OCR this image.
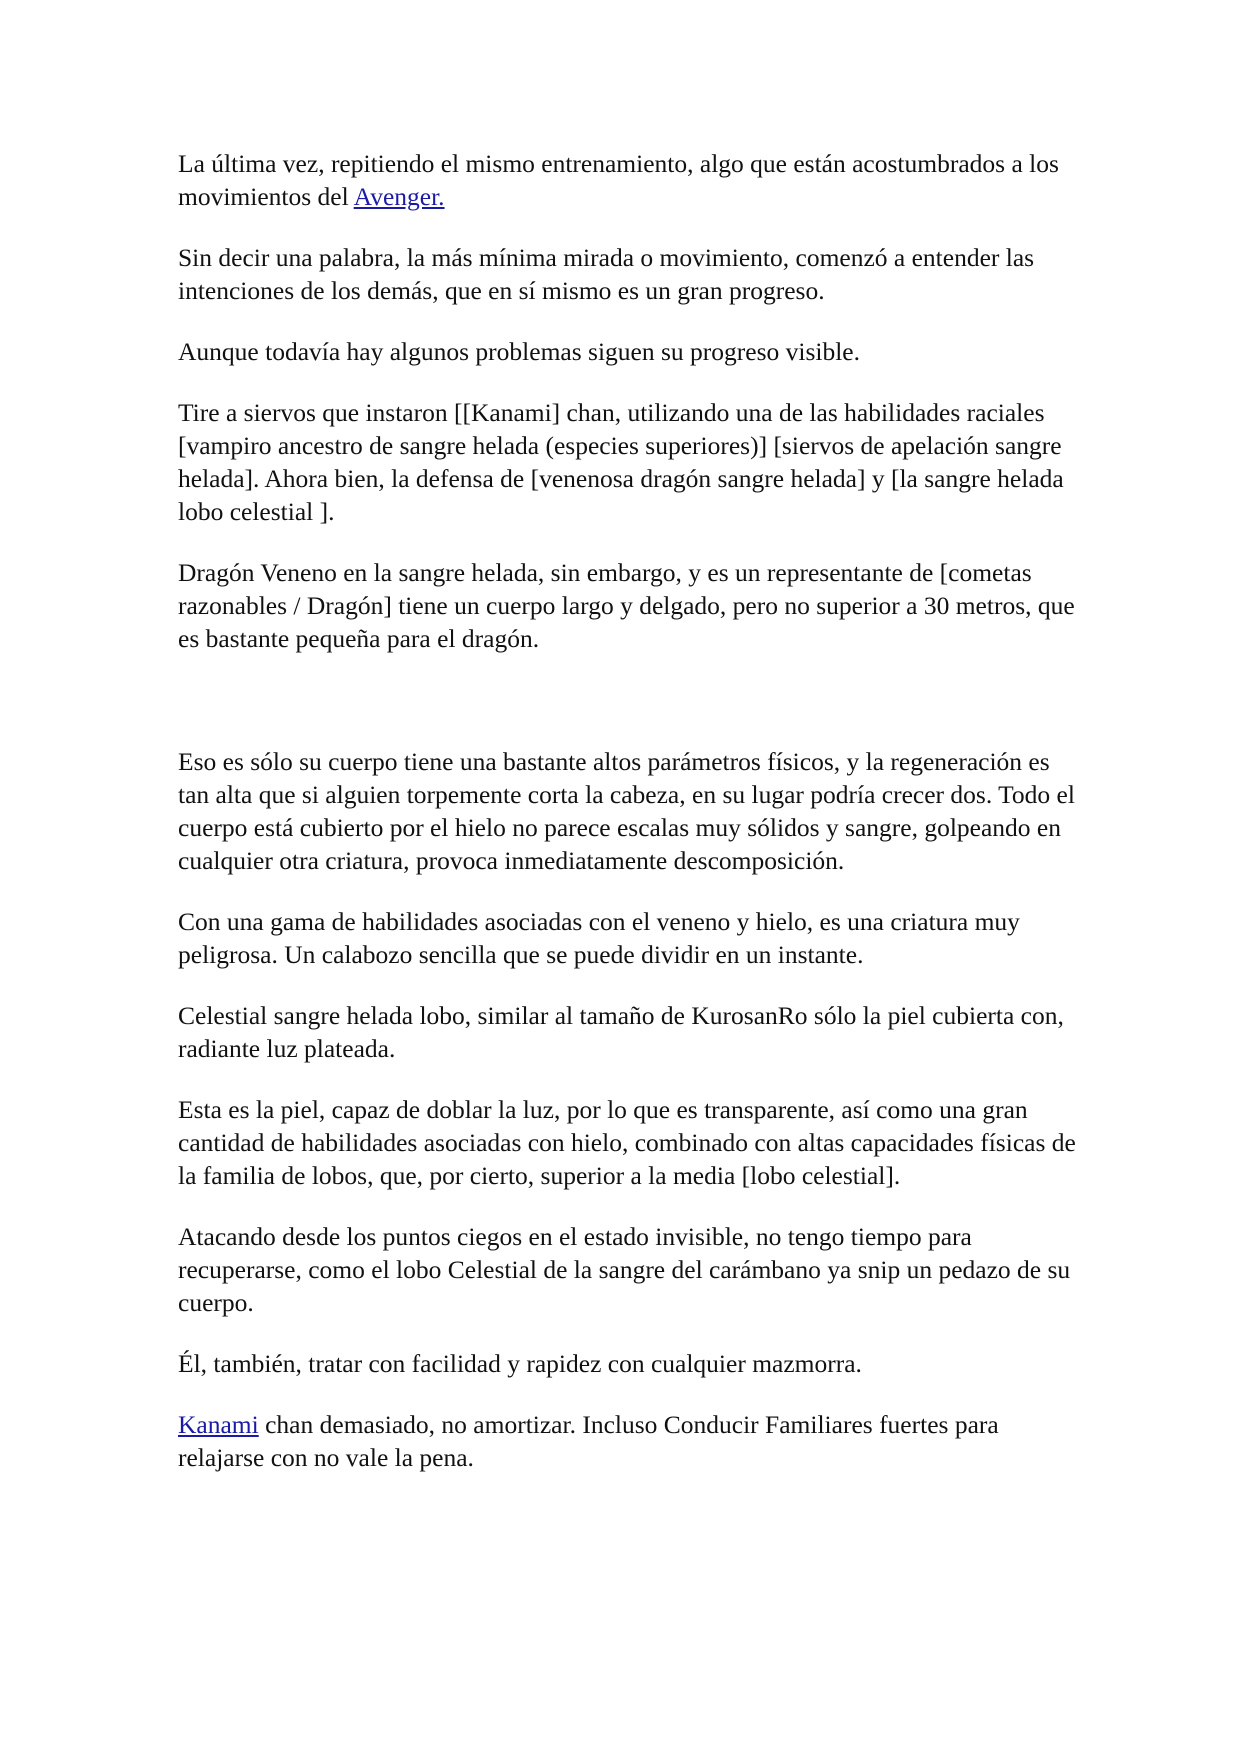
La última vez, repitiendo el mismo entrenamiento, algo que están acostumbrados a los movimientos del Avenger.

Sin decir una palabra, la más mínima mirada o movimiento, comenzó a entender las intenciones de los demás, que en sí mismo es un gran progreso.

Aunque todavía hay algunos problemas siguen su progreso visible.

Tire a siervos que instaron [[Kanami] chan, utilizando una de las habilidades raciales [vampiro ancestro de sangre helada (especies superiores)] [siervos de apelación sangre helada]. Ahora bien, la defensa de [venenosa dragón sangre helada] y [la sangre helada lobo celestial ].

Dragón Veneno en la sangre helada, sin embargo, y es un representante de [cometas razonables / Dragón] tiene un cuerpo largo y delgado, pero no superior a 30 metros, que es bastante pequeña para el dragón.

Eso es sólo su cuerpo tiene una bastante altos parámetros físicos, y la regeneración es tan alta que si alguien torpemente corta la cabeza, en su lugar podría crecer dos. Todo el cuerpo está cubierto por el hielo no parece escalas muy sólidos y sangre, golpeando en cualquier otra criatura, provoca inmediatamente descomposición.

Con una gama de habilidades asociadas con el veneno y hielo, es una criatura muy peligrosa. Un calabozo sencilla que se puede dividir en un instante.

Celestial sangre helada lobo, similar al tamaño de KurosanRo sólo la piel cubierta con, radiante luz plateada.

Esta es la piel, capaz de doblar la luz, por lo que es transparente, así como una gran cantidad de habilidades asociadas con hielo, combinado con altas capacidades físicas de la familia de lobos, que, por cierto, superior a la media [lobo celestial].

Atacando desde los puntos ciegos en el estado invisible, no tengo tiempo para recuperarse, como el lobo Celestial de la sangre del carámbano ya snip un pedazo de su cuerpo.

Él, también, tratar con facilidad y rapidez con cualquier mazmorra.

Kanami chan demasiado, no amortizar. Incluso Conducir Familiares fuertes para relajarse con no vale la pena.
